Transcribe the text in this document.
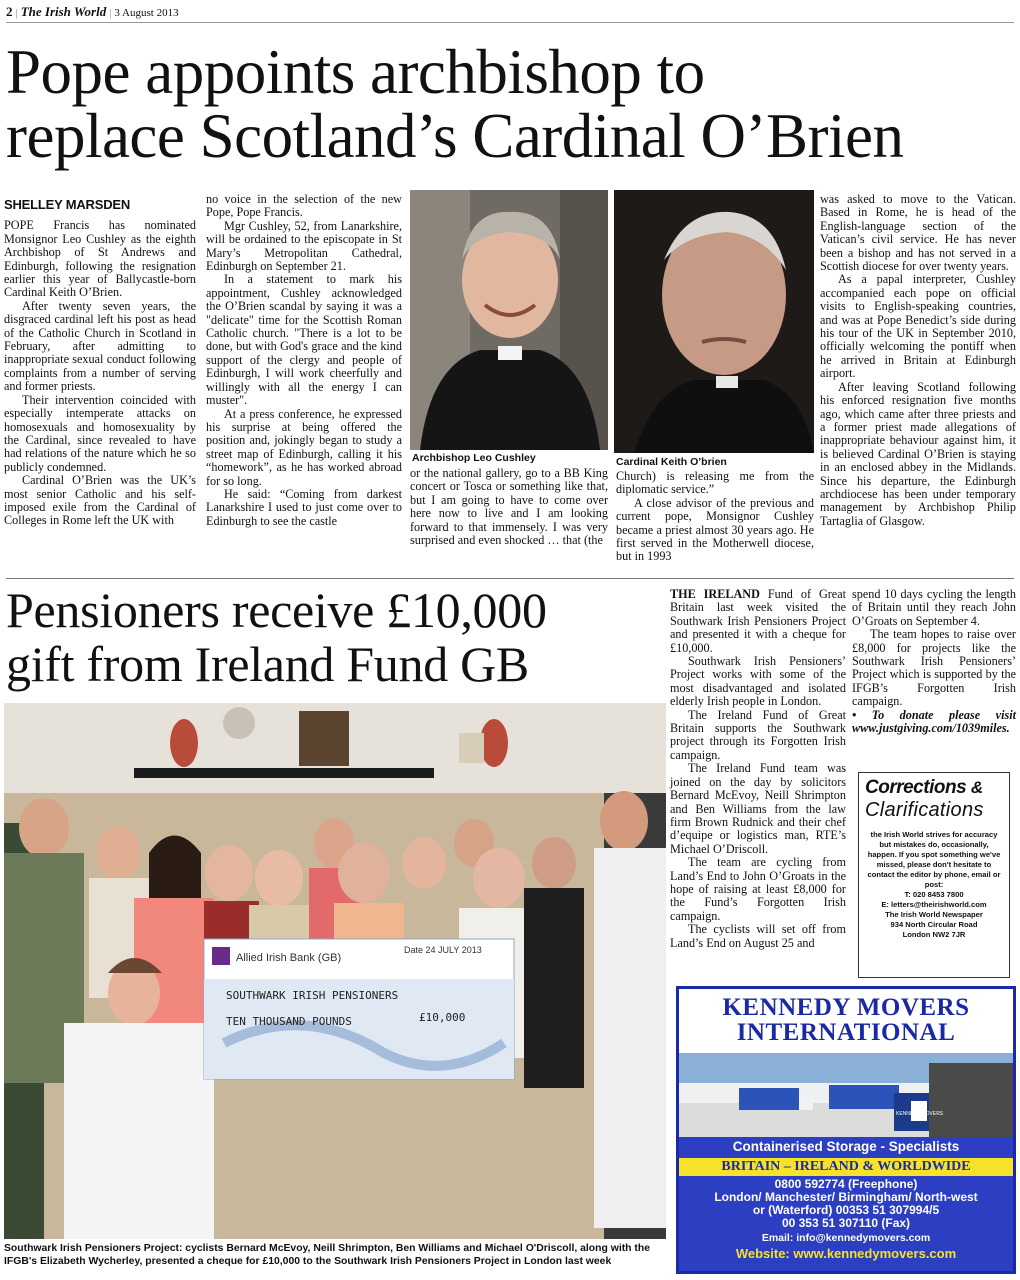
2 | The Irish World | 3 August 2013
Pope appoints archbishop to
replace Scotland’s Cardinal O’Brien
SHELLEY MARSDEN

POPE Francis has nominated Monsignor Leo Cushley as the eighth Archbishop of St Andrews and Edinburgh, following the resignation earlier this year of Ballycastle-born Cardinal Keith O’Brien.

After twenty seven years, the disgraced cardinal left his post as head of the Catholic Church in Scotland in February, after admitting to inappropriate sexual conduct following complaints from a number of serving and former priests.

Their intervention coincided with especially intemperate attacks on homosexuals and homosexuality by the Cardinal, since revealed to have had relations of the nature which he so publicly condemned.

Cardinal O’Brien was the UK’s most senior Catholic and his self-imposed exile from the Cardinal of Colleges in Rome left the UK with

no voice in the selection of the new Pope, Pope Francis.

Mgr Cushley, 52, from Lanarkshire, will be ordained to the episcopate in St Mary’s Metropolitan Cathedral, Edinburgh on September 21.

In a statement to mark his appointment, Cushley acknowledged the O’Brien scandal by saying it was a "delicate" time for the Scottish Roman Catholic church. "There is a lot to be done, but with God's grace and the kind support of the clergy and people of Edinburgh, I will work cheerfully and willingly with all the energy I can muster".

At a press conference, he expressed his surprise at being offered the position and, jokingly began to study a street map of Edinburgh, calling it his “homework”, as he has worked abroad for so long.

He said: “Coming from darkest Lanarkshire I used to just come over to Edinburgh to see the castle

Archbishop Leo Cushley	Cardinal Keith O’brien

or the national gallery, go to a BB King concert or Tosca or something like that, but I am going to have to come over here now to live and I am looking forward to that immensely. I was very surprised and even shocked … that (the

Church) is releasing me from the diplomatic service.”

A close advisor of the previous and current pope, Monsignor Cushley became a priest almost 30 years ago. He first served in the Motherwell diocese, but in 1993

was asked to move to the Vatican. Based in Rome, he is head of the English-language section of the Vatican’s civil service. He has never been a bishop and has not served in a Scottish diocese for over twenty years.

As a papal interpreter, Cushley accompanied each pope on official visits to English-speaking countries, and was at Pope Benedict’s side during his tour of the UK in September 2010, officially welcoming the pontiff when he arrived in Britain at Edinburgh airport.

After leaving Scotland following his enforced resignation five months ago, which came after three priests and a former priest made allegations of inappropriate behaviour against him, it is believed Cardinal O’Brien is staying in an enclosed abbey in the Midlands. Since his departure, the Edinburgh archdiocese has been under temporary management by Archbishop Philip Tartaglia of Glasgow.

Pensioners receive £10,000
gift from Ireland Fund GB
Allied Irish Bank (GB)
Date 24 JULY 2013
SOUTHWARK IRISH PENSIONERS
TEN THOUSAND POUNDS	£10,000

THE IRELAND Fund of Great Britain last week visited the Southwark Irish Pensioners Project and presented it with a cheque for £10,000.

Southwark Irish Pensioners’ Project works with some of the most disadvantaged and isolated elderly Irish people in London.

The Ireland Fund of Great Britain supports the Southwark project through its Forgotten Irish campaign.

The Ireland Fund team was joined on the day by solicitors Bernard McEvoy, Neill Shrimpton and Ben Williams from the law firm Brown Rudnick and their chef d’equipe or logistics man, RTE’s Michael O’Driscoll.

The team are cycling from Land’s End to John O’Groats in the hope of raising at least £8,000 for the Fund’s Forgotten Irish campaign.

The cyclists will set off from Land’s End on August 25 and

spend 10 days cycling the length of Britain until they reach John O’Groats on September 4.

The team hopes to raise over £8,000 for projects like the Southwark Irish Pensioners’ Project which is supported by the IFGB’s Forgotten Irish campaign.

• To donate please visit www.justgiving.com/1039miles.

Corrections &
Clarifications
the Irish World strives for accuracy but mistakes do, occasionally, happen. If you spot something we've missed, please don't hesitate to contact the editor by phone, email or post:
T: 020 8453 7800
E: letters@theirishworld.com
The Irish World Newspaper
934 North Circular Road
London NW2 7JR
KENNEDY MOVERS
INTERNATIONAL
KENNEDY MOVERS
Containerised Storage - Specialists
BRITAIN – IRELAND & WORLDWIDE
0800 592774 (Freephone)
London/ Manchester/ Birmingham/ North-west
or (Waterford) 00353 51 307994/5
00 353 51 307110 (Fax)
Email: info@kennedymovers.com
Website: www.kennedymovers.com
Southwark Irish Pensioners Project: cyclists Bernard McEvoy, Neill Shrimpton, Ben Williams and Michael O'Driscoll, along with the IFGB's Elizabeth Wycherley, presented a cheque for £10,000 to the Southwark Irish Pensioners Project in London last week
